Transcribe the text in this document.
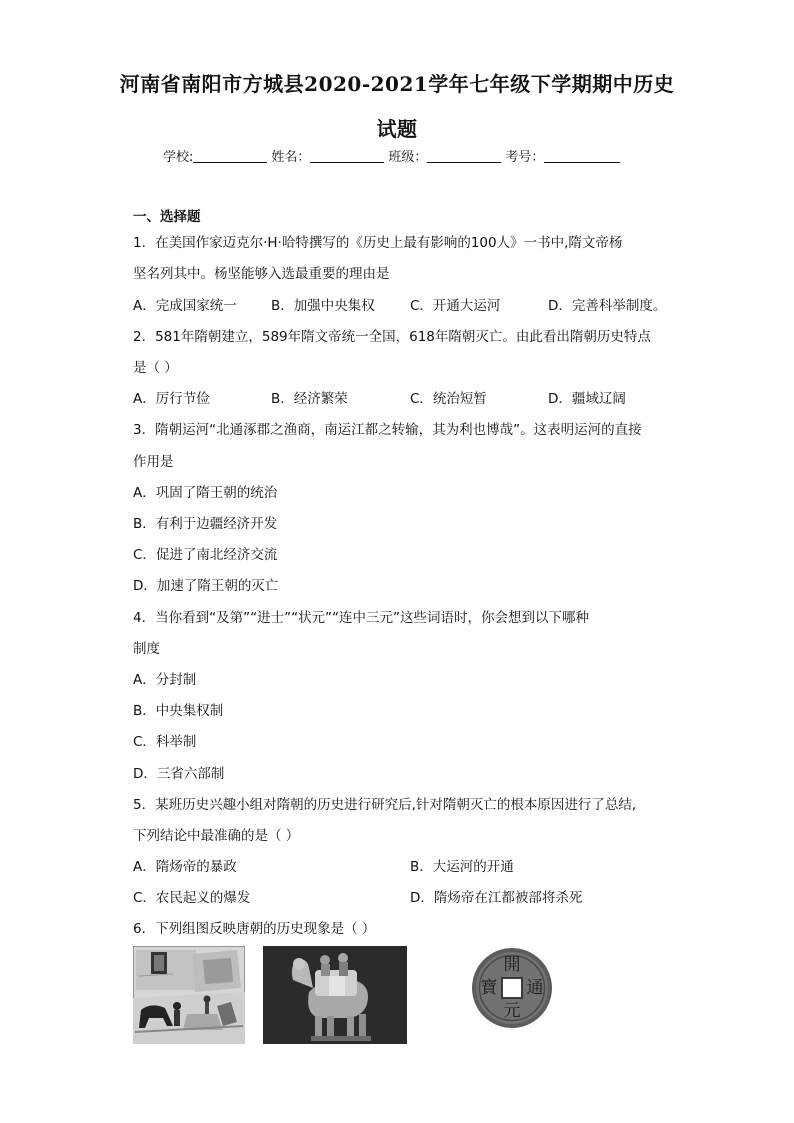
河南省南阳市方城县2020-2021学年七年级下学期期中历史
试题
学校:	姓名：	班级：	考号：
一、选择题
1．在美国作家迈克尔·H·哈特撰写的《历史上最有影响的100人》一书中,隋文帝杨
坚名列其中。杨坚能够入选最重要的理由是
A．完成国家统一	B．加强中央集权	C．开通大运河	D．完善科举制度。
2．581年隋朝建立，589年隋文帝统一全国，618年隋朝灭亡。由此看出隋朝历史特点
是（ ）
A．厉行节俭	B．经济繁荣	C．统治短暂	D．疆域辽阔
3．隋朝运河“北通涿郡之渔商，南运江都之转输，其为利也博哉”。这表明运河的直接
作用是
A．巩固了隋王朝的统治
B．有利于边疆经济开发
C．促进了南北经济交流
D．加速了隋王朝的灭亡
4．当你看到“及第”“进士”“状元”“连中三元”这些词语时，你会想到以下哪种
制度
A．分封制
B．中央集权制
C．科举制
D．三省六部制
5．某班历史兴趣小组对隋朝的历史进行研究后,针对隋朝灭亡的根本原因进行了总结,
下列结论中最准确的是（ ）
A．隋炀帝的暴政	B．大运河的开通
C．农民起义的爆发	D．隋炀帝在江都被部将杀死
6．下列组图反映唐朝的历史现象是（ ）
開
通
元
寶
